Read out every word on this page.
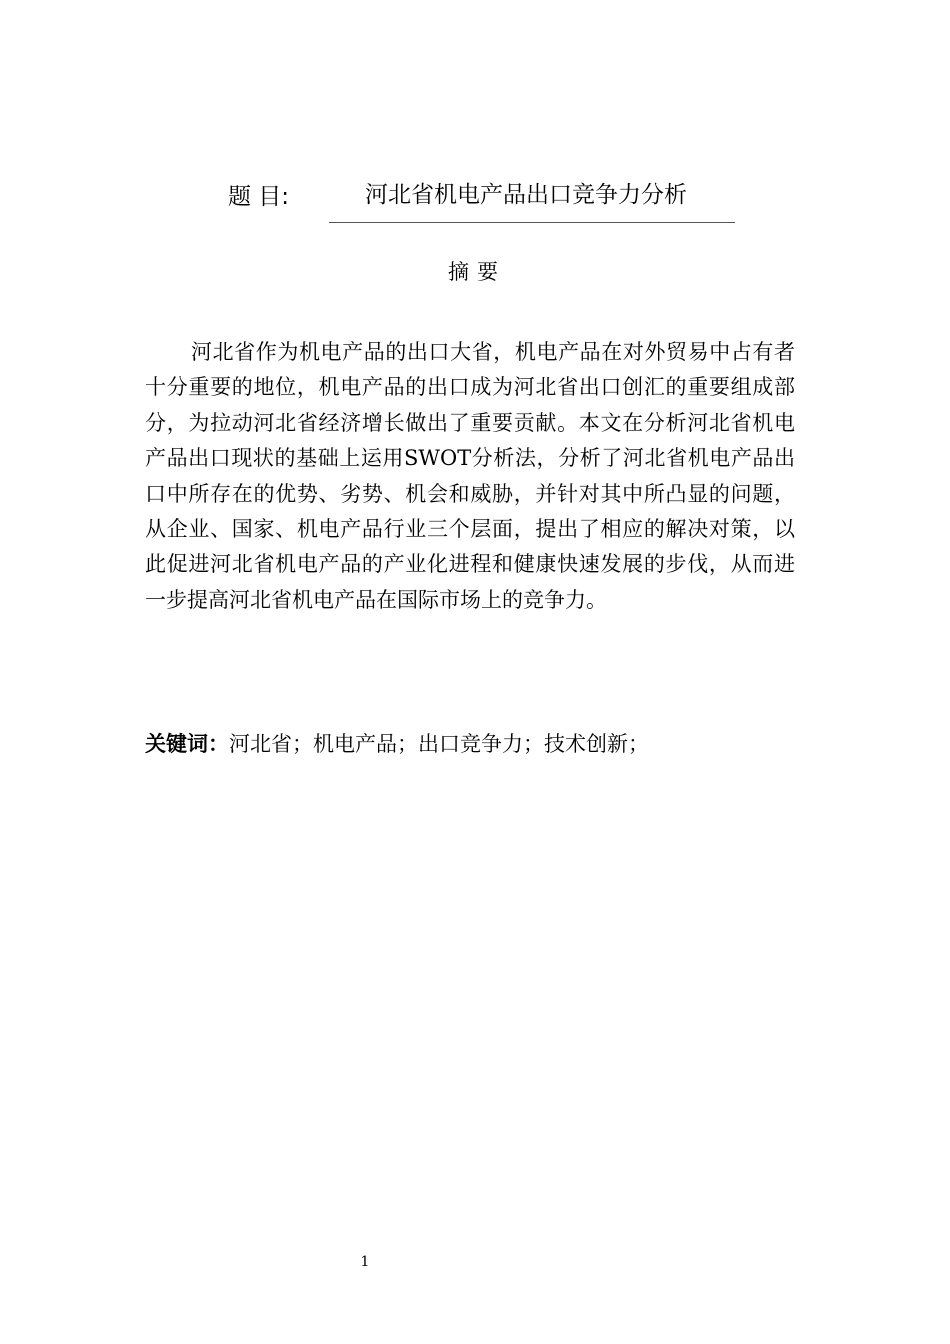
题 目:	河北省机电产品出口竞争力分析
摘要

河北省作为机电产品的出口大省，机电产品在对外贸易中占有者十分重要的地位，机电产品的出口成为河北省出口创汇的重要组成部分，为拉动河北省经济增长做出了重要贡献。本文在分析河北省机电产品出口现状的基础上运用SWOT分析法，分析了河北省机电产品出口中所存在的优势、劣势、机会和威胁，并针对其中所凸显的问题，从企业、国家、机电产品行业三个层面，提出了相应的解决对策，以此促进河北省机电产品的产业化进程和健康快速发展的步伐，从而进一步提高河北省机电产品在国际市场上的竞争力。

关键词：河北省；机电产品；出口竞争力；技术创新；
1
